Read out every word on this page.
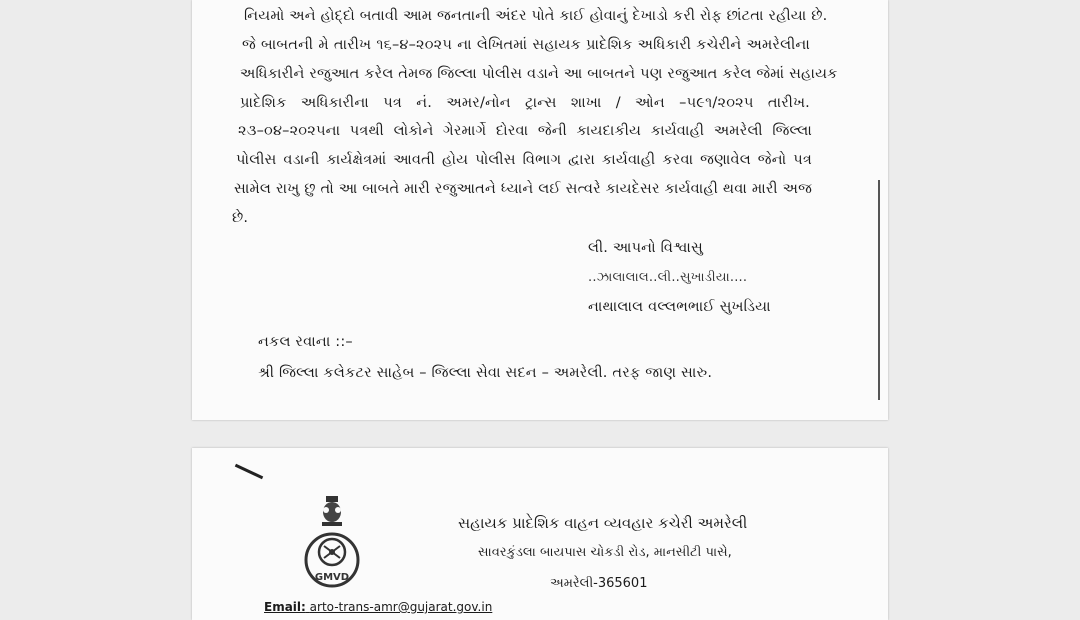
નિયમો અને હોદ્દો બતાવી આમ જનતાની અંદર પોતે કાઈ હોવાનું દેખાડો કરી રોફ છાંટતા રહીયા છે.
જે બાબતની મે તારીખ ૧૬–૪–૨૦૨૫ ના લેખિતમાં સહાયક પ્રાદેશિક અધિકારી કચેરીને અમરેલીના
અધિકારીને રજુઆત કરેલ તેમજ જિલ્લા પોલીસ વડાને આ બાબતને પણ રજુઆત કરેલ જેમાં સહાયક
પ્રાદેશિક અધિકારીના પત્ર નં. અમર/નોન ટ્રાન્સ શાખા / ઓન –૫૯૧/૨૦૨૫ તારીખ.
૨૩–૦૪–૨૦૨૫ના પત્રથી લોકોને ગેરમાર્ગે દોરવા જેની કાયદાકીય કાર્યવાહી અમરેલી જિલ્લા
પોલીસ વડાની કાર્યક્ષેત્રમાં આવતી હોય પોલીસ વિભાગ દ્વારા કાર્યવાહી કરવા જણાવેલ જેનો પત્ર
સામેલ રાખુ છુ તો આ બાબતે મારી રજુઆતને ધ્યાને લઈ સત્વરે કાયદેસર કાર્યવાહી થવા મારી અજ
છે.
લી. આપનો વિશ્વાસુ
..ઝાલાલાલ..લી..સુખાડીયા....
નાથાલાલ વલ્લભભાઈ સુખડિયા
નકલ રવાના ::–
શ્રી જિલ્લા કલેકટર સાહેબ – જિલ્લા સેવા સદન – અમરેલી. તરફ જાણ સારુ.
GMVD
સહાયક પ્રાદેશિક વાહન વ્યવહાર કચેરી અમરેલી
સાવરકુંડલા બાયપાસ ચોકડી રોડ, માનસીટી પાસે,
અમરેલી-365601
Email: arto-trans-amr@gujarat.gov.in
